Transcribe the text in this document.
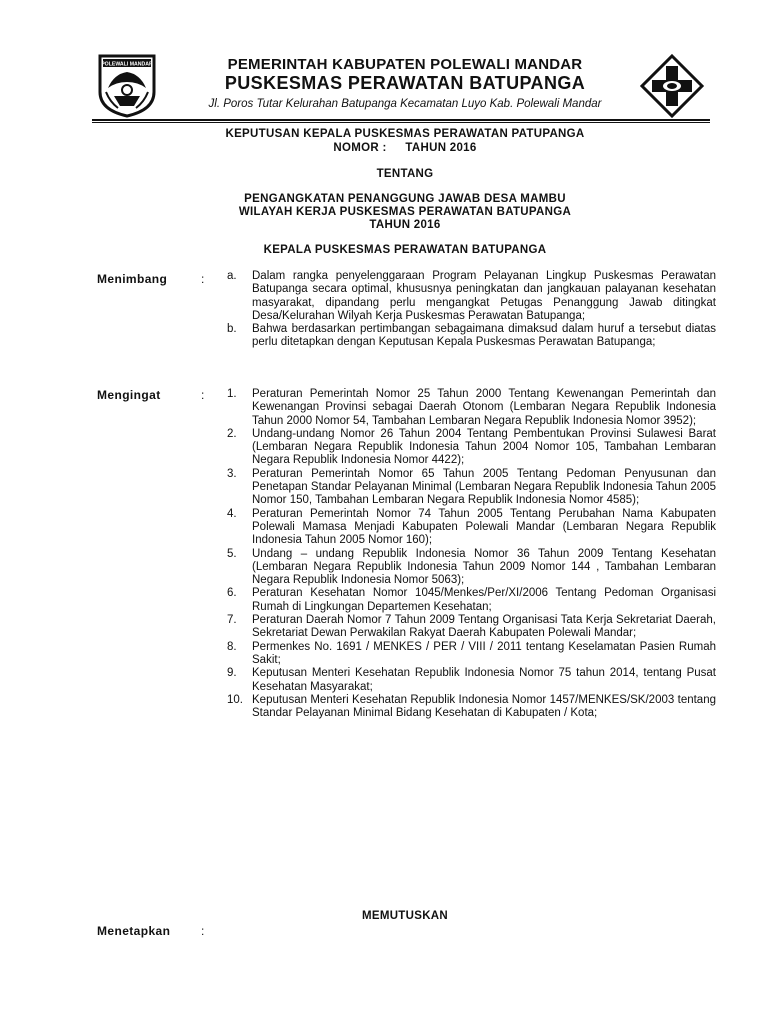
POLEWALI MANDAR	PEMERINTAH KABUPATEN POLEWALI MANDAR
PUSKESMAS PERAWATAN BATUPANGA
Jl. Poros Tutar Kelurahan Batupanga Kecamatan Luyo Kab. Polewali Mandar
KEPUTUSAN KEPALA PUSKESMAS PERAWATAN PATUPANGA
NOMOR : TAHUN 2016
TENTANG
PENGANGKATAN PENANGGUNG JAWAB DESA MAMBU
WILAYAH KERJA PUSKESMAS PERAWATAN BATUPANGA
TAHUN 2016
KEPALA PUSKESMAS PERAWATAN BATUPANGA
Menimbang	: a. Dalam rangka penyelenggaraan Program Pelayanan Lingkup Puskesmas Perawatan Batupanga secara optimal, khususnya peningkatan dan jangkauan palayanan kesehatan masyarakat, dipandang perlu mengangkat Petugas Penanggung Jawab ditingkat Desa/Kelurahan Wilyah Kerja Puskesmas Perawatan Batupanga;
b. Bahwa berdasarkan pertimbangan sebagaimana dimaksud dalam huruf a tersebut diatas perlu ditetapkan dengan Keputusan Kepala Puskesmas Perawatan Batupanga;
Mengingat	: 1. Peraturan Pemerintah Nomor 25 Tahun 2000 Tentang Kewenangan Pemerintah dan Kewenangan Provinsi sebagai Daerah Otonom (Lembaran Negara Republik Indonesia Tahun 2000 Nomor 54, Tambahan Lembaran Negara Republik Indonesia Nomor 3952);
2. Undang-undang Nomor 26 Tahun 2004 Tentang Pembentukan Provinsi Sulawesi Barat (Lembaran Negara Republik Indonesia Tahun 2004 Nomor 105, Tambahan Lembaran Negara Republik Indonesia Nomor 4422);
3. Peraturan Pemerintah Nomor 65 Tahun 2005 Tentang Pedoman Penyusunan dan Penetapan Standar Pelayanan Minimal (Lembaran Negara Republik Indonesia Tahun 2005 Nomor 150, Tambahan Lembaran Negara Republik Indonesia Nomor 4585);
4. Peraturan Pemerintah Nomor 74 Tahun 2005 Tentang Perubahan Nama Kabupaten Polewali Mamasa Menjadi Kabupaten Polewali Mandar (Lembaran Negara Republik Indonesia Tahun 2005 Nomor 160);
5. Undang – undang Republik Indonesia Nomor 36 Tahun 2009 Tentang Kesehatan (Lembaran Negara Republik Indonesia Tahun 2009 Nomor 144 , Tambahan Lembaran Negara Republik Indonesia Nomor 5063);
6. Peraturan Kesehatan Nomor 1045/Menkes/Per/XI/2006 Tentang Pedoman Organisasi Rumah di Lingkungan Departemen Kesehatan;
7. Peraturan Daerah Nomor 7 Tahun 2009 Tentang Organisasi Tata Kerja Sekretariat Daerah, Sekretariat Dewan Perwakilan Rakyat Daerah Kabupaten Polewali Mandar;
8. Permenkes No. 1691 / MENKES / PER / VIII / 2011 tentang Keselamatan Pasien Rumah Sakit;
9. Keputusan Menteri Kesehatan Republik Indonesia Nomor 75 tahun 2014, tentang Pusat Kesehatan Masyarakat;
10. Keputusan Menteri Kesehatan Republik Indonesia Nomor 1457/MENKES/SK/2003 tentang Standar Pelayanan Minimal Bidang Kesehatan di Kabupaten / Kota;
MEMUTUSKAN
Menetapkan	:
